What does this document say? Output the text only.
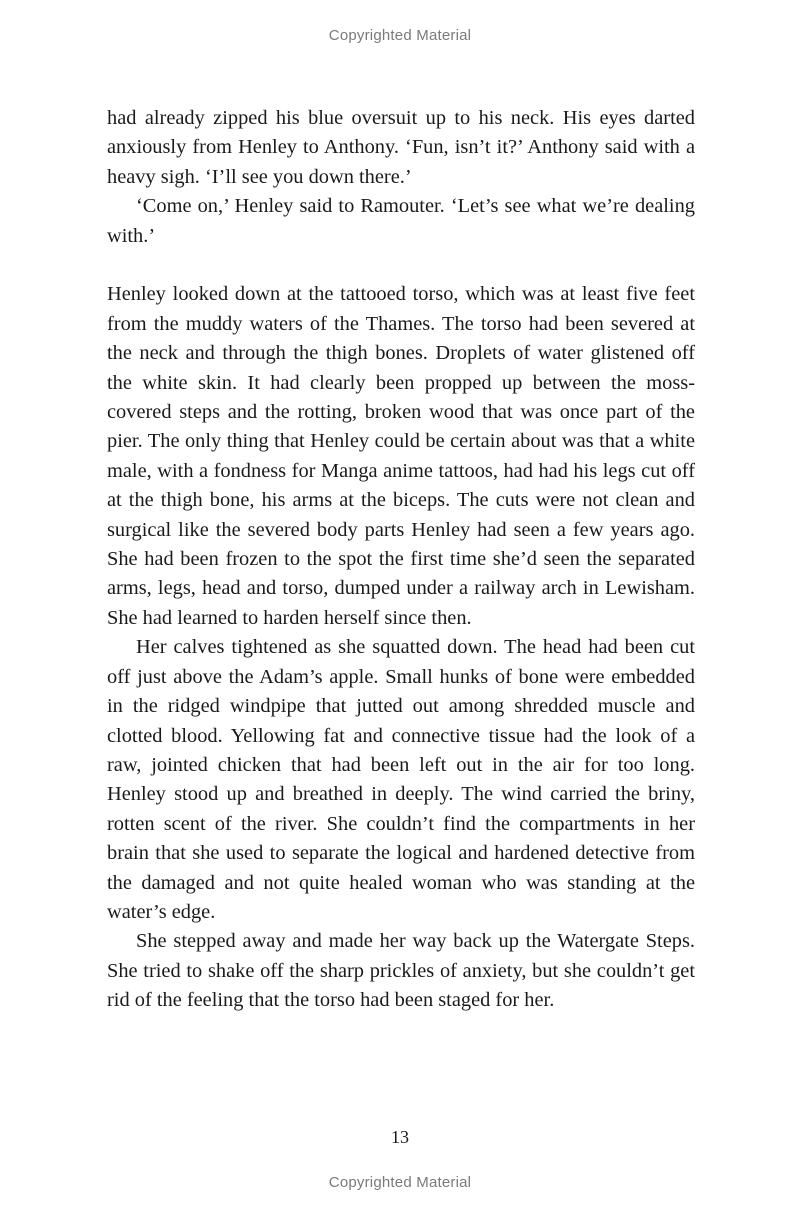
Copyrighted Material

had already zipped his blue oversuit up to his neck. His eyes darted anxiously from Henley to Anthony. ‘Fun, isn’t it?’ Anthony said with a heavy sigh. ‘I’ll see you down there.’

‘Come on,’ Henley said to Ramouter. ‘Let’s see what we’re dealing with.’

Henley looked down at the tattooed torso, which was at least five feet from the muddy waters of the Thames. The torso had been severed at the neck and through the thigh bones. Droplets of water glistened off the white skin. It had clearly been propped up between the moss-covered steps and the rotting, broken wood that was once part of the pier. The only thing that Henley could be certain about was that a white male, with a fondness for Manga anime tattoos, had had his legs cut off at the thigh bone, his arms at the biceps. The cuts were not clean and surgical like the severed body parts Henley had seen a few years ago. She had been frozen to the spot the first time she’d seen the separated arms, legs, head and torso, dumped under a railway arch in Lewisham. She had learned to harden herself since then.

Her calves tightened as she squatted down. The head had been cut off just above the Adam’s apple. Small hunks of bone were embedded in the ridged windpipe that jutted out among shredded muscle and clotted blood. Yellowing fat and connective tissue had the look of a raw, jointed chicken that had been left out in the air for too long. Henley stood up and breathed in deeply. The wind carried the briny, rotten scent of the river. She couldn’t find the compartments in her brain that she used to separate the logical and hardened detective from the damaged and not quite healed woman who was standing at the water’s edge.

She stepped away and made her way back up the Watergate Steps. She tried to shake off the sharp prickles of anxiety, but she couldn’t get rid of the feeling that the torso had been staged for her.

13
Copyrighted Material
